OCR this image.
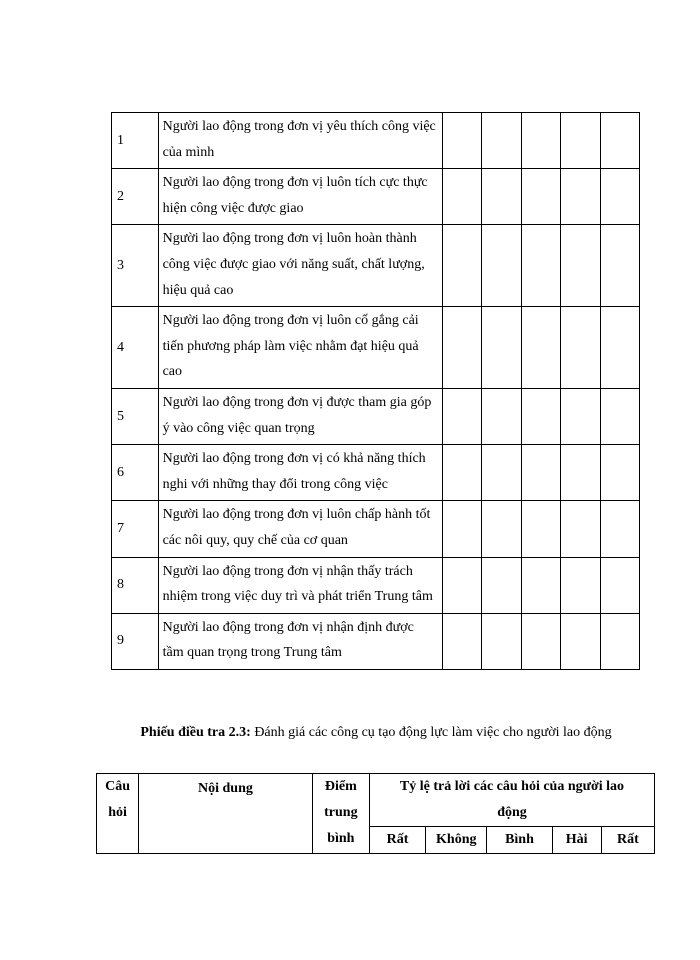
1	Người lao động trong đơn vị yêu thích công việc của mình					
2	Người lao động trong đơn vị luôn tích cực thực hiện công việc được giao					
3	Người lao động trong đơn vị luôn hoàn thành công việc được giao với năng suất, chất lượng, hiệu quả cao					
4	Người lao động trong đơn vị luôn cố gắng cải tiến phương pháp làm việc nhằm đạt hiệu quả cao					
5	Người lao động trong đơn vị được tham gia góp ý vào công việc quan trọng					
6	Người lao động trong đơn vị có khả năng thích nghi với những thay đổi trong công việc					
7	Người lao động trong đơn vị luôn chấp hành tốt các nôi quy, quy chế của cơ quan					
8	Người lao động trong đơn vị nhận thấy trách nhiệm trong việc duy trì và phát triển Trung tâm					
9	Người lao động trong đơn vị nhận định được tầm quan trọng trong Trung tâm					
Phiếu điều tra 2.3: Đánh giá các công cụ tạo động lực làm việc cho người lao động
Câu hỏi	Nội dung	Điểm trung bình	Tỷ lệ trả lời các câu hỏi của người lao động				

			Rất	Không	Bình	Hài	Rất
